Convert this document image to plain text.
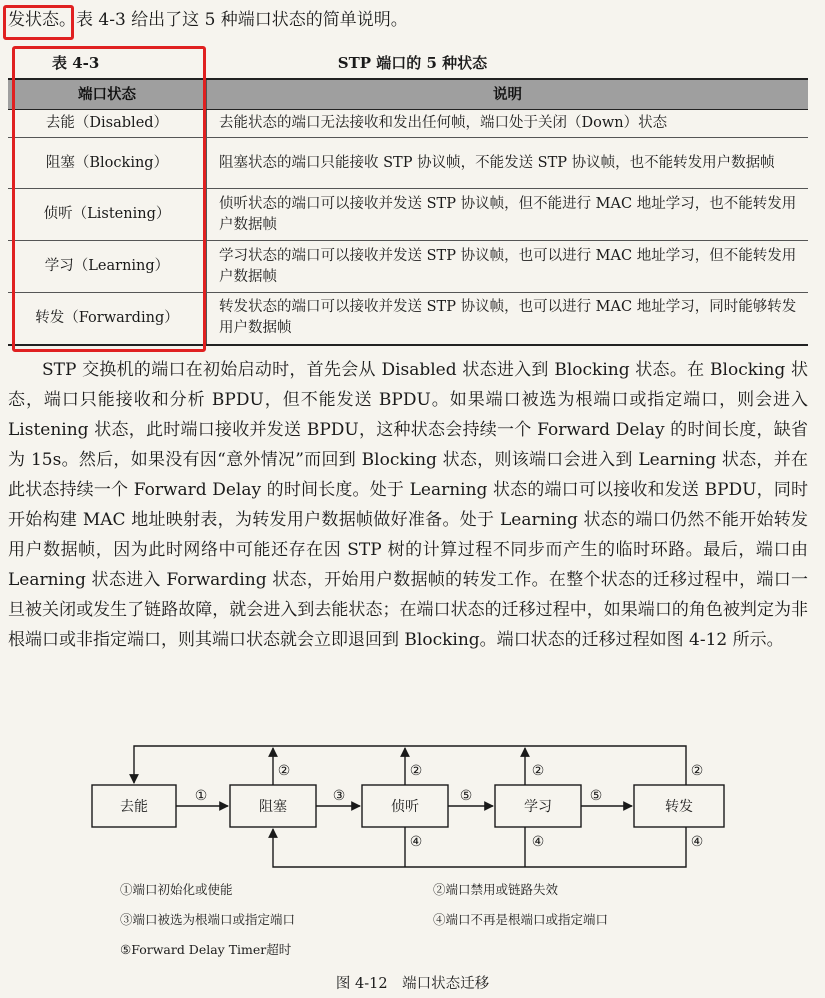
发状态。表 4-3 给出了这 5 种端口状态的简单说明。
表 4-3	STP 端口的 5 种状态
端口状态	说明
去能（Disabled）	去能状态的端口无法接收和发出任何帧，端口处于关闭（Down）状态
阻塞（Blocking）	阻塞状态的端口只能接收 STP 协议帧，不能发送 STP 协议帧，也不能转发用户数据帧
侦听（Listening）	侦听状态的端口可以接收并发送 STP 协议帧，但不能进行 MAC 地址学习，也不能转发用户数据帧
学习（Learning）	学习状态的端口可以接收并发送 STP 协议帧，也可以进行 MAC 地址学习，但不能转发用户数据帧
转发（Forwarding）	转发状态的端口可以接收并发送 STP 协议帧，也可以进行 MAC 地址学习，同时能够转发用户数据帧
STP 交换机的端口在初始启动时，首先会从 Disabled 状态进入到 Blocking 状态。在 Blocking 状态，端口只能接收和分析 BPDU，但不能发送 BPDU。如果端口被选为根端口或指定端口，则会进入 Listening 状态，此时端口接收并发送 BPDU，这种状态会持续一个 Forward Delay 的时间长度，缺省为 15s。然后，如果没有因“意外情况”而回到 Blocking 状态，则该端口会进入到 Learning 状态，并在此状态持续一个 Forward Delay 的时间长度。处于 Learning 状态的端口可以接收和发送 BPDU，同时开始构建 MAC 地址映射表，为转发用户数据帧做好准备。处于 Learning 状态的端口仍然不能开始转发用户数据帧，因为此时网络中可能还存在因 STP 树的计算过程不同步而产生的临时环路。最后，端口由 Learning 状态进入 Forwarding 状态，开始用户数据帧的转发工作。在整个状态的迁移过程中，端口一旦被关闭或发生了链路故障，就会进入到去能状态；在端口状态的迁移过程中，如果端口的角色被判定为非根端口或非指定端口，则其端口状态就会立即退回到 Blocking。端口状态的迁移过程如图 4-12 所示。
去能	阻塞	侦听	学习	转发
①	③	⑤	⑤
②	②	②	②
④	④	④
①端口初始化或使能	②端口禁用或链路失效
③端口被选为根端口或指定端口	④端口不再是根端口或指定端口
⑤Forward Delay Timer超时
图 4-12　端口状态迁移
